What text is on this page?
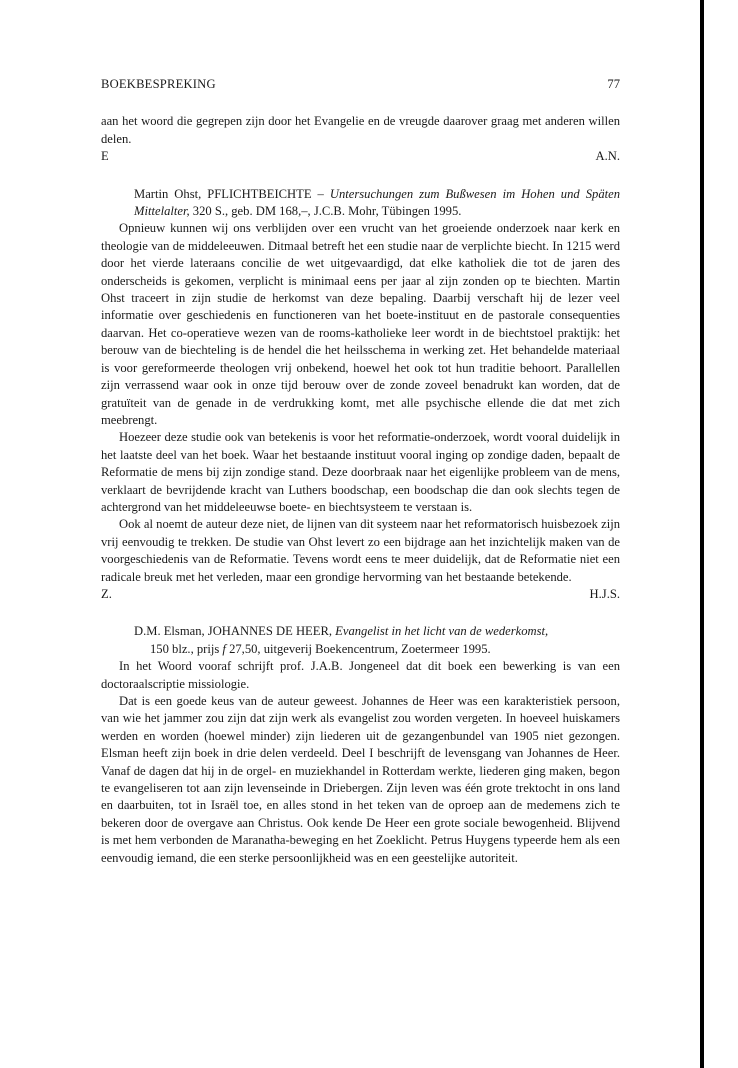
BOEKBESPREKING	77

aan het woord die gegrepen zijn door het Evangelie en de vreugde daarover graag met anderen willen delen.

E	A.N.

Martin Ohst, PFLICHTBEICHTE – Untersuchungen zum Bußwesen im Hohen und Späten Mittelalter, 320 S., geb. DM 168,–, J.C.B. Mohr, Tübingen 1995.

Opnieuw kunnen wij ons verblijden over een vrucht van het groeiende onderzoek naar kerk en theologie van de middeleeuwen. Ditmaal betreft het een studie naar de verplichte biecht. In 1215 werd door het vierde lateraans concilie de wet uitgevaardigd, dat elke katholiek die tot de jaren des onderscheids is gekomen, verplicht is minimaal eens per jaar al zijn zonden op te biechten. Martin Ohst traceert in zijn studie de herkomst van deze bepaling. Daarbij verschaft hij de lezer veel informatie over geschiedenis en functioneren van het boete-instituut en de pastorale consequenties daarvan. Het co-operatieve wezen van de rooms-katholieke leer wordt in de biechtstoel praktijk: het berouw van de biechteling is de hendel die het heilsschema in werking zet. Het behandelde materiaal is voor gereformeerde theologen vrij onbekend, hoewel het ook tot hun traditie behoort. Parallellen zijn verrassend waar ook in onze tijd berouw over de zonde zoveel benadrukt kan worden, dat de gratuïteit van de genade in de verdrukking komt, met alle psychische ellende die dat met zich meebrengt.

Hoezeer deze studie ook van betekenis is voor het reformatie-onderzoek, wordt vooral duidelijk in het laatste deel van het boek. Waar het bestaande instituut vooral inging op zondige daden, bepaalt de Reformatie de mens bij zijn zondige stand. Deze doorbraak naar het eigenlijke probleem van de mens, verklaart de bevrijdende kracht van Luthers boodschap, een boodschap die dan ook slechts tegen de achtergrond van het middeleeuwse boete- en biechtsysteem te verstaan is.

Ook al noemt de auteur deze niet, de lijnen van dit systeem naar het reformatorisch huisbezoek zijn vrij eenvoudig te trekken. De studie van Ohst levert zo een bijdrage aan het inzichtelijk maken van de voorgeschiedenis van de Reformatie. Tevens wordt eens te meer duidelijk, dat de Reformatie niet een radicale breuk met het verleden, maar een grondige hervorming van het bestaande betekende.

Z.	H.J.S.

D.M. Elsman, JOHANNES DE HEER, Evangelist in het licht van de wederkomst,
150 blz., prijs f 27,50, uitgeverij Boekencentrum, Zoetermeer 1995.

In het Woord vooraf schrijft prof. J.A.B. Jongeneel dat dit boek een bewerking is van een doctoraalscriptie missiologie.

Dat is een goede keus van de auteur geweest. Johannes de Heer was een karakteristiek persoon, van wie het jammer zou zijn dat zijn werk als evangelist zou worden vergeten. In hoeveel huiskamers werden en worden (hoewel minder) zijn liederen uit de gezangenbundel van 1905 niet gezongen. Elsman heeft zijn boek in drie delen verdeeld. Deel I beschrijft de levensgang van Johannes de Heer. Vanaf de dagen dat hij in de orgel- en muziekhandel in Rotterdam werkte, liederen ging maken, begon te evangeliseren tot aan zijn levenseinde in Driebergen. Zijn leven was één grote trektocht in ons land en daarbuiten, tot in Israël toe, en alles stond in het teken van de oproep aan de medemens zich te bekeren door de overgave aan Christus. Ook kende De Heer een grote sociale bewogenheid. Blijvend is met hem verbonden de Maranatha-beweging en het Zoeklicht. Petrus Huygens typeerde hem als een eenvoudig iemand, die een sterke persoonlijkheid was en een geestelijke autoriteit.
